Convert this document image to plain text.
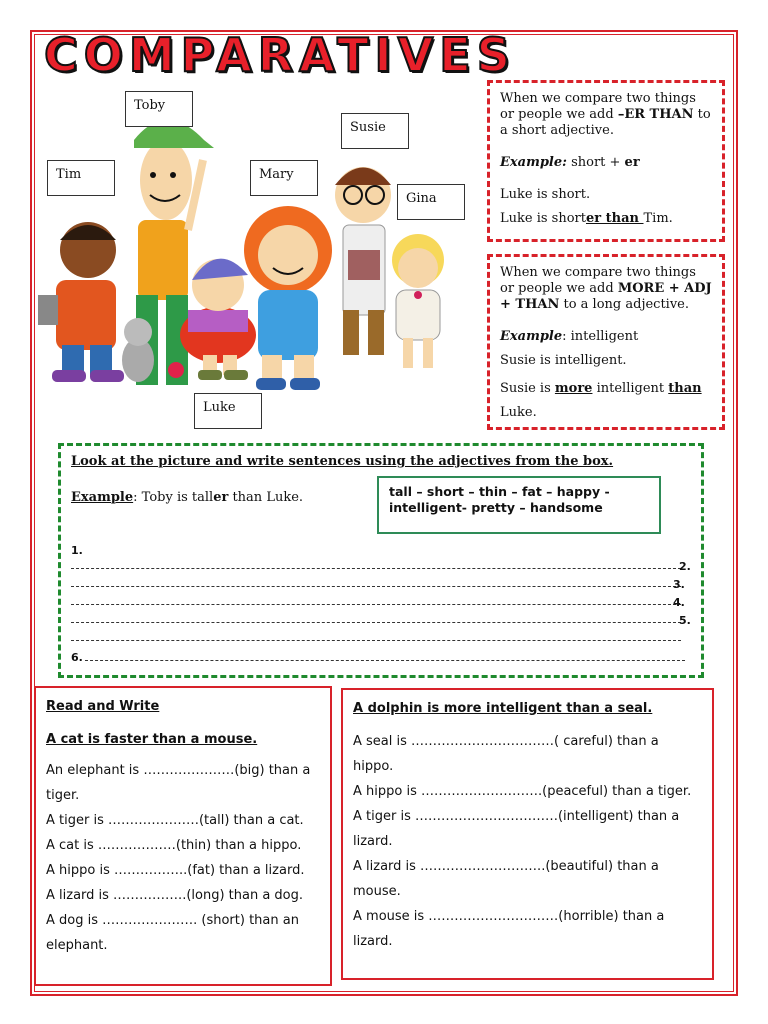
COMPARATIVES
Toby
Susie
Tim	Mary
Gina
Luke

When we compare two things or people we add –ER THAN to a short adjective.

Example: short + er

Luke is short.

Luke is shorter than Tim.

When we compare two things or people we add MORE + ADJ + THAN to a long adjective.

Example: intelligent

Susie is intelligent.

Susie is more intelligent than
Luke.

Look at the picture and write sentences using the adjectives from the box.
Example: Toby is taller than Luke.	tall – short – thin – fat – happy - intelligent- pretty – handsome
1.
2.
3.
4.
5.
6.

Read and Write

A cat is faster than a mouse.

An elephant is …………………(big) than a tiger.

A tiger is …………………(tall) than a cat.

A cat is ………………(thin) than a hippo.

A hippo is ……………..(fat) than a lizard.

A lizard is ……………..(long) than a dog.

A dog is …………………. (short) than an elephant.

A dolphin is more intelligent than a seal.

A seal is ……………………………( careful) than a hippo.

A hippo is ……………………….(peaceful) than a tiger.

A tiger is ……………………………(intelligent) than a lizard.

A lizard is ………………………..(beautiful) than a mouse.

A mouse is …………………………(horrible) than a lizard.
